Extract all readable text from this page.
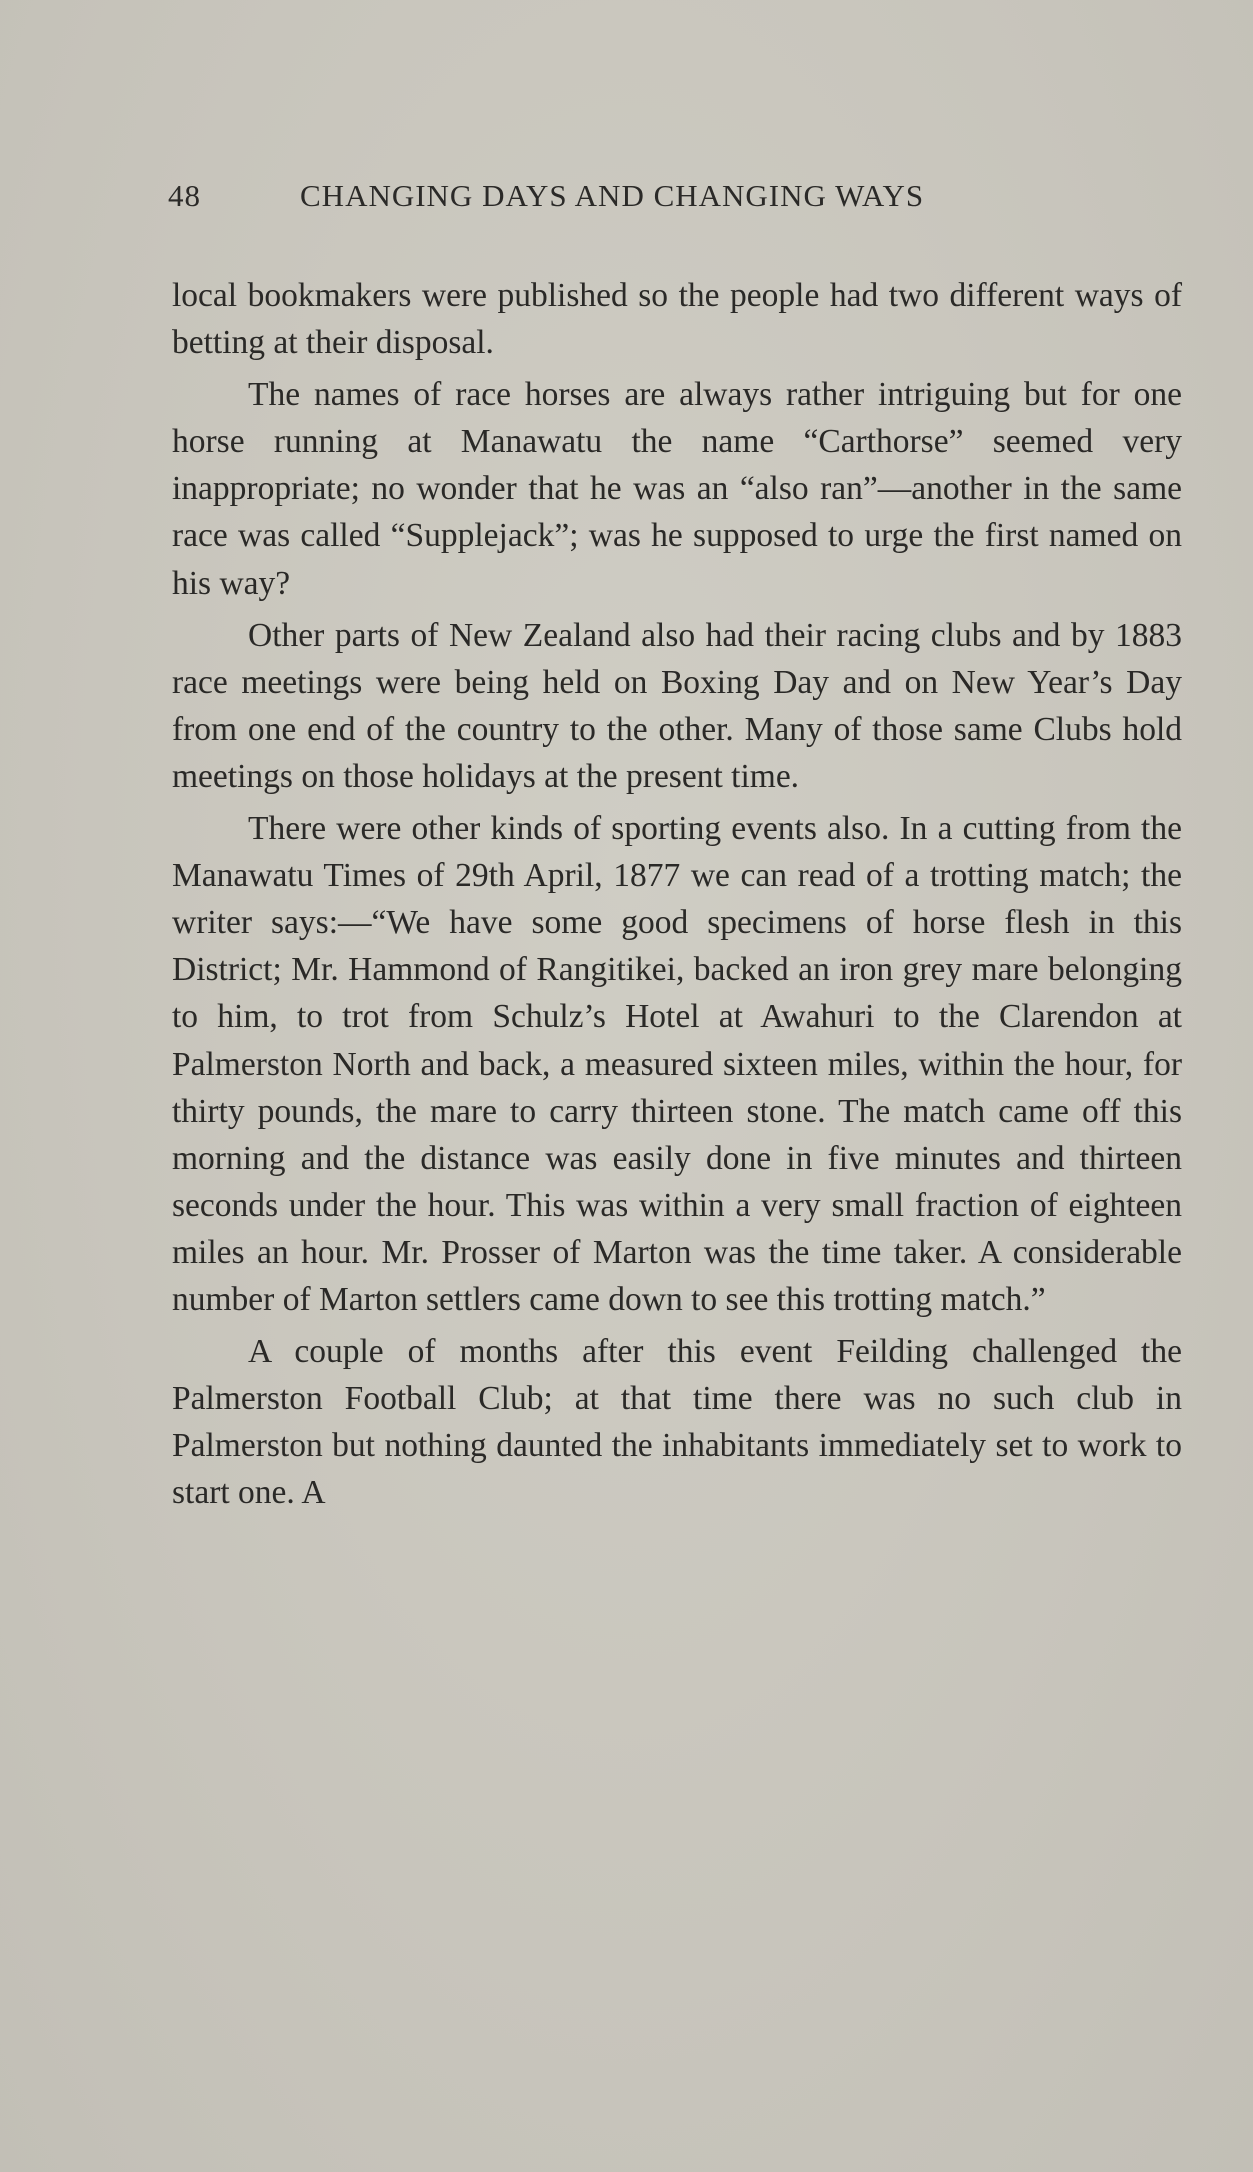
48	CHANGING DAYS AND CHANGING WAYS

local bookmakers were published so the people had two different ways of betting at their disposal.

The names of race horses are always rather intriguing but for one horse running at Manawatu the name “Carthorse” seemed very inappropriate; no wonder that he was an “also ran”—another in the same race was called “Supplejack”; was he supposed to urge the first named on his way?

Other parts of New Zealand also had their racing clubs and by 1883 race meetings were being held on Boxing Day and on New Year’s Day from one end of the country to the other. Many of those same Clubs hold meetings on those holidays at the present time.

There were other kinds of sporting events also. In a cutting from the Manawatu Times of 29th April, 1877 we can read of a trotting match; the writer says:—“We have some good specimens of horse flesh in this District; Mr. Hammond of Rangitikei, backed an iron grey mare belonging to him, to trot from Schulz’s Hotel at Awahuri to the Clarendon at Palmerston North and back, a measured sixteen miles, within the hour, for thirty pounds, the mare to carry thirteen stone. The match came off this morning and the distance was easily done in five minutes and thirteen seconds under the hour. This was within a very small fraction of eighteen miles an hour. Mr. Prosser of Marton was the time taker. A considerable number of Marton settlers came down to see this trotting match.”

A couple of months after this event Feilding challenged the Palmerston Football Club; at that time there was no such club in Palmerston but nothing daunted the inhabitants immediately set to work to start one. A
